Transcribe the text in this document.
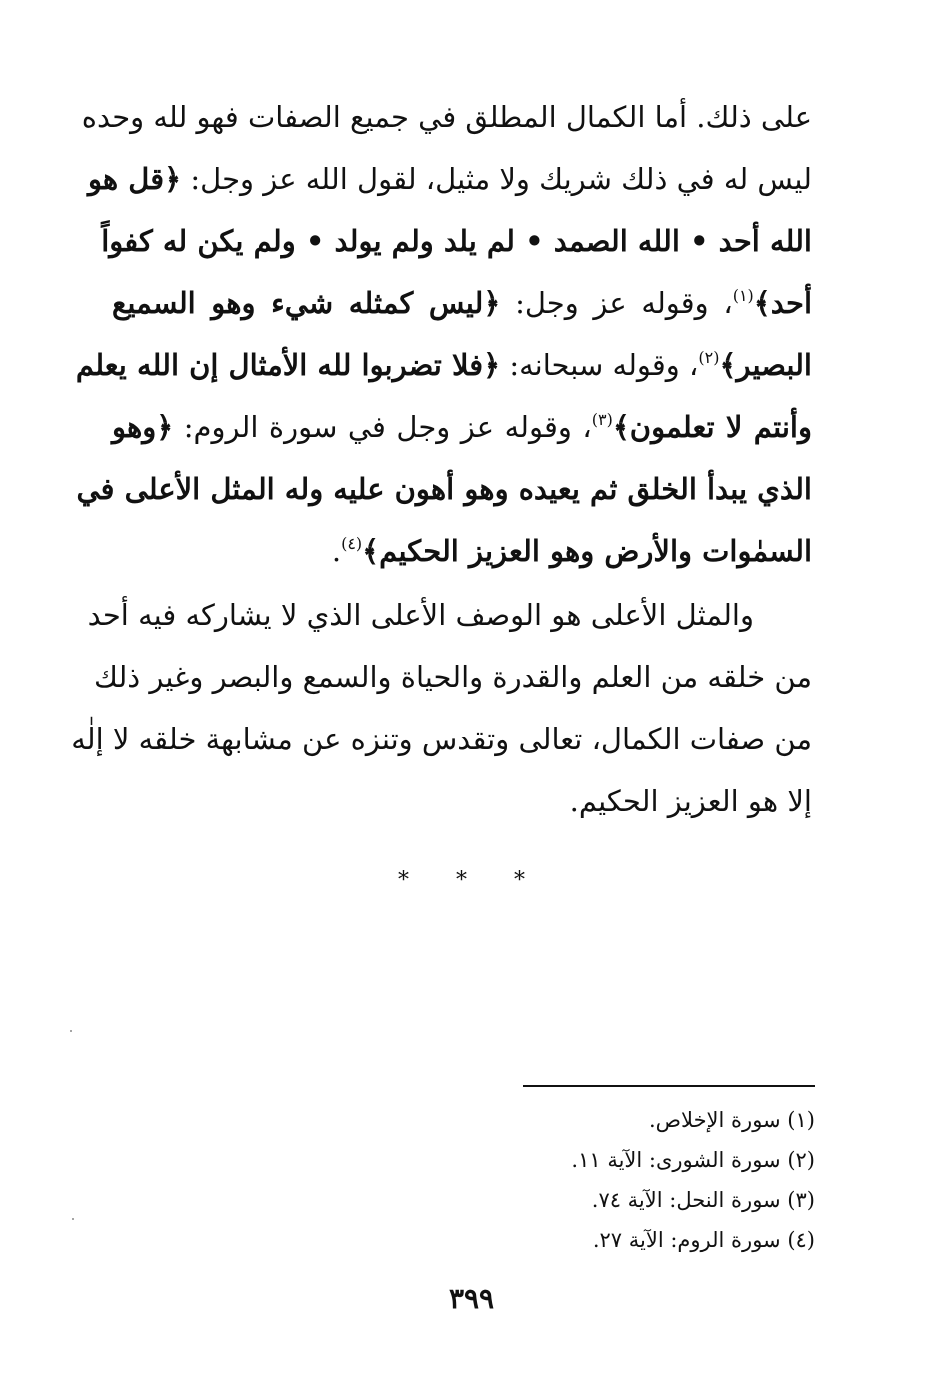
على ذلك. أما الكمال المطلق في جميع الصفات فهو لله وحده
ليس له في ذلك شريك ولا مثيل، لقول الله عز وجل: ﴿قل هو
الله أحد • الله الصمد • لم يلد ولم يولد • ولم يكن له كفواً
أحد﴾$^{(١)}$، وقوله عز وجل: ﴿ليس كمثله شيء وهو السميع
البصير﴾$^{(٢)}$، وقوله سبحانه: ﴿فلا تضربوا لله الأمثال إن الله يعلم
وأنتم لا تعلمون﴾$^{(٣)}$، وقوله عز وجل في سورة الروم: ﴿وهو
الذي يبدأ الخلق ثم يعيده وهو أهون عليه وله المثل الأعلى في
السمٰوات والأرض وهو العزيز الحكيم﴾$^{(٤)}$.
والمثل الأعلى هو الوصف الأعلى الذي لا يشاركه فيه أحد
من خلقه من العلم والقدرة والحياة والسمع والبصر وغير ذلك
من صفات الكمال، تعالى وتقدس وتنزه عن مشابهة خلقه لا إلٰه
إلا هو العزيز الحكيم.
* * *
(١) سورة الإخلاص.
(٢) سورة الشورى: الآية ١١.
(٣) سورة النحل: الآية ٧٤.
(٤) سورة الروم: الآية ٢٧.
٣٩٩
